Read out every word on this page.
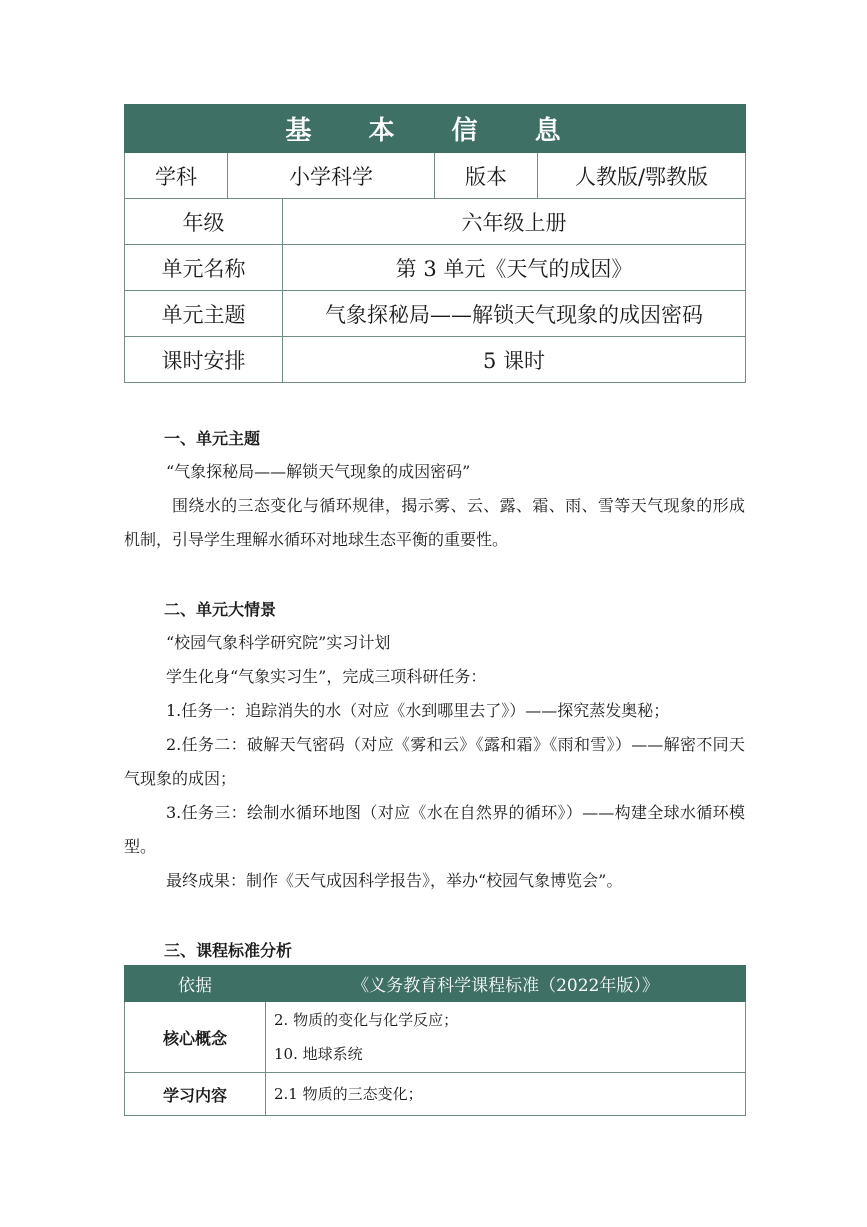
基 本 信 息				
学科	小学科学		版本	人教版/鄂教版
年级		六年级上册		
单元名称		第 3 单元《天气的成因》		
单元主题		气象探秘局——解锁天气现象的成因密码		
课时安排		5 课时		
一、单元主题

“气象探秘局——解锁天气现象的成因密码”

围绕水的三态变化与循环规律，揭示雾、云、露、霜、雨、雪等天气现象的形成机制，引导学生理解水循环对地球生态平衡的重要性。

二、单元大情景

“校园气象科学研究院”实习计划

学生化身“气象实习生”，完成三项科研任务：

1.任务一：追踪消失的水（对应《水到哪里去了》）——探究蒸发奥秘；

2.任务二：破解天气密码（对应《雾和云》《露和霜》《雨和雪》）——解密不同天气现象的成因；

3.任务三：绘制水循环地图（对应《水在自然界的循环》）——构建全球水循环模型。

最终成果：制作《天气成因科学报告》，举办“校园气象博览会”。

三、课程标准分析
依据	《义务教育科学课程标准（2022年版）》
核心概念	2. 物质的变化与化学反应；
10. 地球系统

学习内容	2.1 物质的三态变化；
